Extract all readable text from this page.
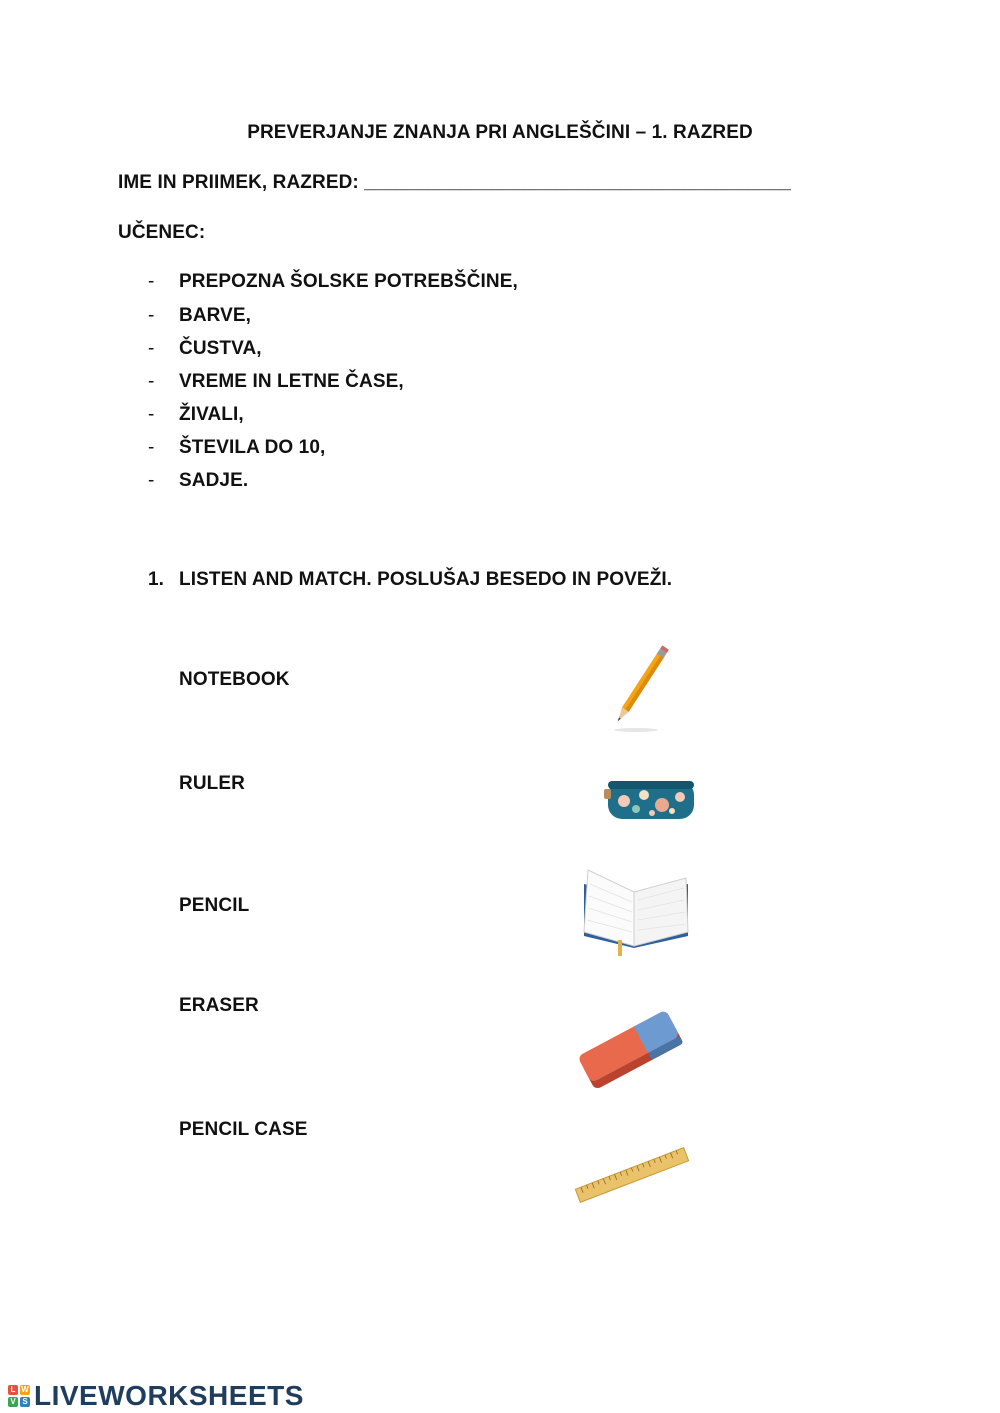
PREVERJANJE ZNANJA PRI ANGLEŠČINI – 1. RAZRED
IME IN PRIIMEK, RAZRED: ________________________________________
UČENEC:
- PREPOZNA ŠOLSKE POTREBŠČINE,
- BARVE,
- ČUSTVA,
- VREME IN LETNE ČASE,
- ŽIVALI,
- ŠTEVILA DO 10,
- SADJE.
1. LISTEN AND MATCH. POSLUŠAJ BESEDO IN POVEŽI.
NOTEBOOK
RULER
PENCIL
ERASER
PENCIL CASE
L W
V S LIVEWORKSHEETS
